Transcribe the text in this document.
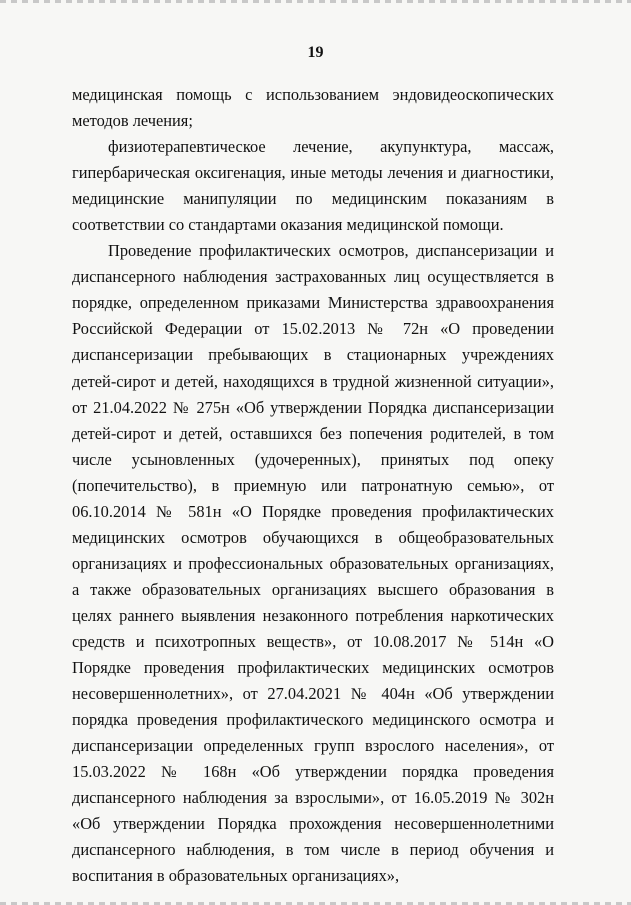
19

медицинская помощь с использованием эндовидеоскопических методов лечения;

физиотерапевтическое лечение, акупунктура, массаж, гипербарическая оксигенация, иные методы лечения и диагностики, медицинские манипуляции по медицинским показаниям в соответствии со стандартами оказания медицинской помощи.

Проведение профилактических осмотров, диспансеризации и диспансерного наблюдения застрахованных лиц осуществляется в порядке, определенном приказами Министерства здравоохранения Российской Федерации от 15.02.2013 № 72н «О проведении диспансеризации пребывающих в стационарных учреждениях детей-сирот и детей, находящихся в трудной жизненной ситуации», от 21.04.2022 № 275н «Об утверждении Порядка диспансеризации детей-сирот и детей, оставшихся без попечения родителей, в том числе усыновленных (удочеренных), принятых под опеку (попечительство), в приемную или патронатную семью», от 06.10.2014 № 581н «О Порядке проведения профилактических медицинских осмотров обучающихся в общеобразовательных организациях и профессиональных образовательных организациях, а также образовательных организациях высшего образования в целях раннего выявления незаконного потребления наркотических средств и психотропных веществ», от 10.08.2017 № 514н «О Порядке проведения профилактических медицинских осмотров несовершеннолетних», от 27.04.2021 № 404н «Об утверждении порядка проведения профилактического медицинского осмотра и диспансеризации определенных групп взрослого населения», от 15.03.2022 № 168н «Об утверждении порядка проведения диспансерного наблюдения за взрослыми», от 16.05.2019 № 302н «Об утверждении Порядка прохождения несовершеннолетними диспансерного наблюдения, в том числе в период обучения и воспитания в образовательных организациях»,
